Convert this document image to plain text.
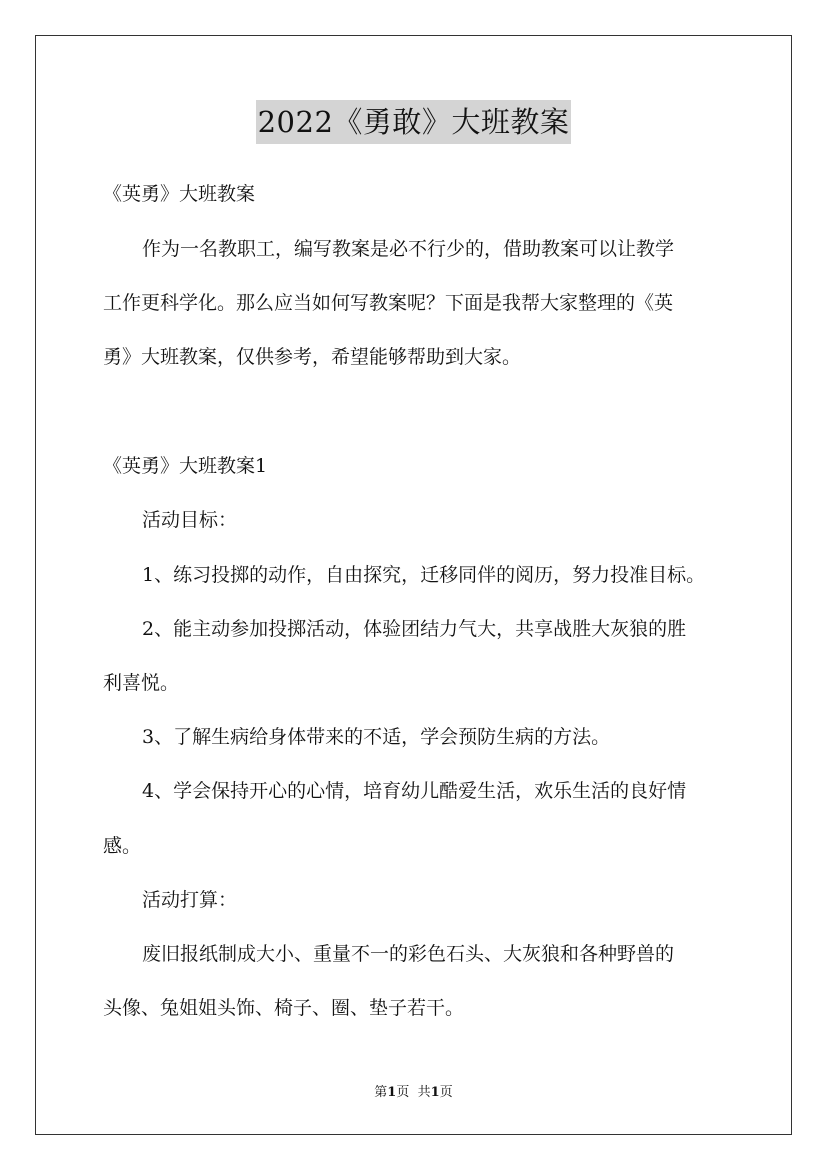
2022《勇敢》大班教案
《英勇》大班教案
作为一名教职工，编写教案是必不行少的，借助教案可以让教学
工作更科学化。那么应当如何写教案呢？下面是我帮大家整理的《英
勇》大班教案，仅供参考，希望能够帮助到大家。
《英勇》大班教案1
活动目标：
1、练习投掷的动作，自由探究，迁移同伴的阅历，努力投准目标。
2、能主动参加投掷活动，体验团结力气大，共享战胜大灰狼的胜
利喜悦。
3、了解生病给身体带来的不适，学会预防生病的方法。
4、学会保持开心的心情，培育幼儿酷爱生活，欢乐生活的良好情
感。
活动打算：
废旧报纸制成大小、重量不一的彩色石头、大灰狼和各种野兽的
头像、兔姐姐头饰、椅子、圈、垫子若干。
第1页 共1页
